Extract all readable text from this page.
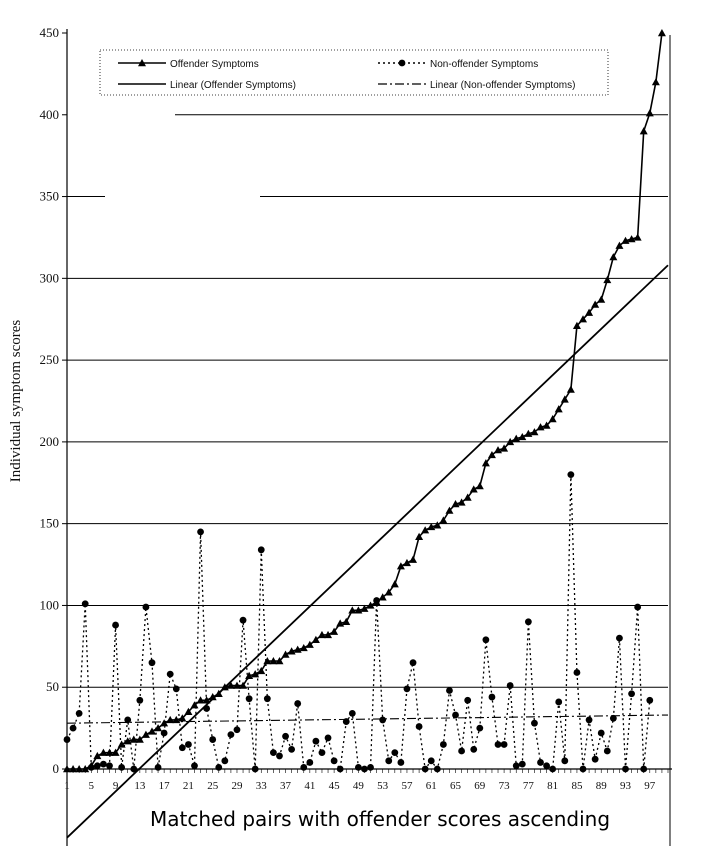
0
50
100
150
200
250
300
350
400
450
1 5 9 13 17 21 25 29 33 37 41 45 49 53 57 61 65 69 73 77 81 85 89 93 97
Offender Symptoms	Non-offender Symptoms
Linear (Offender Symptoms)	Linear (Non-offender Symptoms)
Individual symptom scores
Matched pairs with offender scores ascending
